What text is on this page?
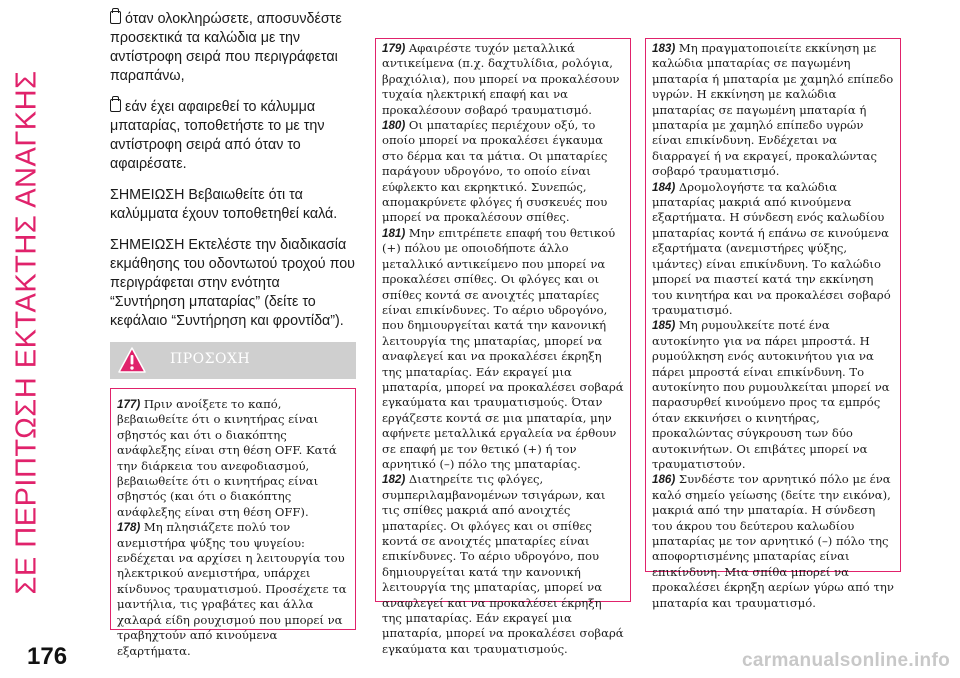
ΣΕ ΠΕΡΙΠΤΩΣΗ ΕΚΤΑΚΤΗΣ ΑΝΑΓΚΗΣ

όταν ολοκληρώσετε, αποσυνδέστε προσεκτικά τα καλώδια με την αντίστροφη σειρά που περιγράφεται παραπάνω,

εάν έχει αφαιρεθεί το κάλυμμα μπαταρίας, τοποθετήστε το με την αντίστροφη σειρά από όταν το αφαιρέσατε.

ΣΗΜΕΙΩΣΗ Βεβαιωθείτε ότι τα καλύμματα έχουν τοποθετηθεί καλά.

ΣΗΜΕΙΩΣΗ Εκτελέστε την διαδικασία εκμάθησης του οδοντωτού τροχού που περιγράφεται στην ενότητα “Συντήρηση μπαταρίας” (δείτε το κεφάλαιο “Συντήρηση και φροντίδα”).

ΠΡΟΣΟΧΗ
177) Πριν ανοίξετε το καπό, βεβαιωθείτε ότι ο κινητήρας είναι σβηστός και ότι ο διακόπτης ανάφλεξης είναι στη θέση OFF. Κατά την διάρκεια του ανεφοδιασμού, βεβαιωθείτε ότι ο κινητήρας είναι σβηστός (και ότι ο διακόπτης ανάφλεξης είναι στη θέση OFF).
178) Μη πλησιάζετε πολύ τον ανεμιστήρα ψύξης του ψυγείου: ενδέχεται να αρχίσει η λειτουργία του ηλεκτρικού ανεμιστήρα, υπάρχει κίνδυνος τραυματισμού. Προσέχετε τα μαντήλια, τις γραβάτες και άλλα χαλαρά είδη ρουχισμού που μπορεί να τραβηχτούν από κινούμενα εξαρτήματα.
179) Αφαιρέστε τυχόν μεταλλικά αντικείμενα (π.χ. δαχτυλίδια, ρολόγια, βραχιόλια), που μπορεί να προκαλέσουν τυχαία ηλεκτρική επαφή και να προκαλέσουν σοβαρό τραυματισμό.
180) Οι μπαταρίες περιέχουν οξύ, το οποίο μπορεί να προκαλέσει έγκαυμα στο δέρμα και τα μάτια. Οι μπαταρίες παράγουν υδρογόνο, το οποίο είναι εύφλεκτο και εκρηκτικό. Συνεπώς, απομακρύνετε φλόγες ή συσκευές που μπορεί να προκαλέσουν σπίθες.
181) Μην επιτρέπετε επαφή του θετικού (+) πόλου με οποιοδήποτε άλλο μεταλλικό αντικείμενο που μπορεί να προκαλέσει σπίθες. Οι φλόγες και οι σπίθες κοντά σε ανοιχτές μπαταρίες είναι επικίνδυνες. Το αέριο υδρογόνο, που δημιουργείται κατά την κανονική λειτουργία της μπαταρίας, μπορεί να αναφλεγεί και να προκαλέσει έκρηξη της μπαταρίας. Εάν εκραγεί μια μπαταρία, μπορεί να προκαλέσει σοβαρά εγκαύματα και τραυματισμούς. Όταν εργάζεστε κοντά σε μια μπαταρία, μην αφήνετε μεταλλικά εργαλεία να έρθουν σε επαφή με τον θετικό (+) ή τον αρνητικό (–) πόλο της μπαταρίας.
182) Διατηρείτε τις φλόγες, συμπεριλαμβανομένων τσιγάρων, και τις σπίθες μακριά από ανοιχτές μπαταρίες. Οι φλόγες και οι σπίθες κοντά σε ανοιχτές μπαταρίες είναι επικίνδυνες. Το αέριο υδρογόνο, που δημιουργείται κατά την κανονική λειτουργία της μπαταρίας, μπορεί να αναφλεγεί και να προκαλέσει έκρηξη της μπαταρίας. Εάν εκραγεί μια μπαταρία, μπορεί να προκαλέσει σοβαρά εγκαύματα και τραυματισμούς.
183) Μη πραγματοποιείτε εκκίνηση με καλώδια μπαταρίας σε παγωμένη μπαταρία ή μπαταρία με χαμηλό επίπεδο υγρών. Η εκκίνηση με καλώδια μπαταρίας σε παγωμένη μπαταρία ή μπαταρία με χαμηλό επίπεδο υγρών είναι επικίνδυνη. Ενδέχεται να διαρραγεί ή να εκραγεί, προκαλώντας σοβαρό τραυματισμό.
184) Δρομολογήστε τα καλώδια μπαταρίας μακριά από κινούμενα εξαρτήματα. Η σύνδεση ενός καλωδίου μπαταρίας κοντά ή επάνω σε κινούμενα εξαρτήματα (ανεμιστήρες ψύξης, ιμάντες) είναι επικίνδυνη. Το καλώδιο μπορεί να πιαστεί κατά την εκκίνηση του κινητήρα και να προκαλέσει σοβαρό τραυματισμό.
185) Μη ρυμουλκείτε ποτέ ένα αυτοκίνητο για να πάρει μπροστά. Η ρυμούλκηση ενός αυτοκινήτου για να πάρει μπροστά είναι επικίνδυνη. Το αυτοκίνητο που ρυμουλκείται μπορεί να παρασυρθεί κινούμενο προς τα εμπρός όταν εκκινήσει ο κινητήρας, προκαλώντας σύγκρουση των δύο αυτοκινήτων. Οι επιβάτες μπορεί να τραυματιστούν.
186) Συνδέστε τον αρνητικό πόλο με ένα καλό σημείο γείωσης (δείτε την εικόνα), μακριά από την μπαταρία. Η σύνδεση του άκρου του δεύτερου καλωδίου μπαταρίας με τον αρνητικό (–) πόλο της αποφορτισμένης μπαταρίας είναι επικίνδυνη. Μια σπίθα μπορεί να προκαλέσει έκρηξη αερίων γύρω από την μπαταρία και τραυματισμό.
176	carmanualsonline.info
